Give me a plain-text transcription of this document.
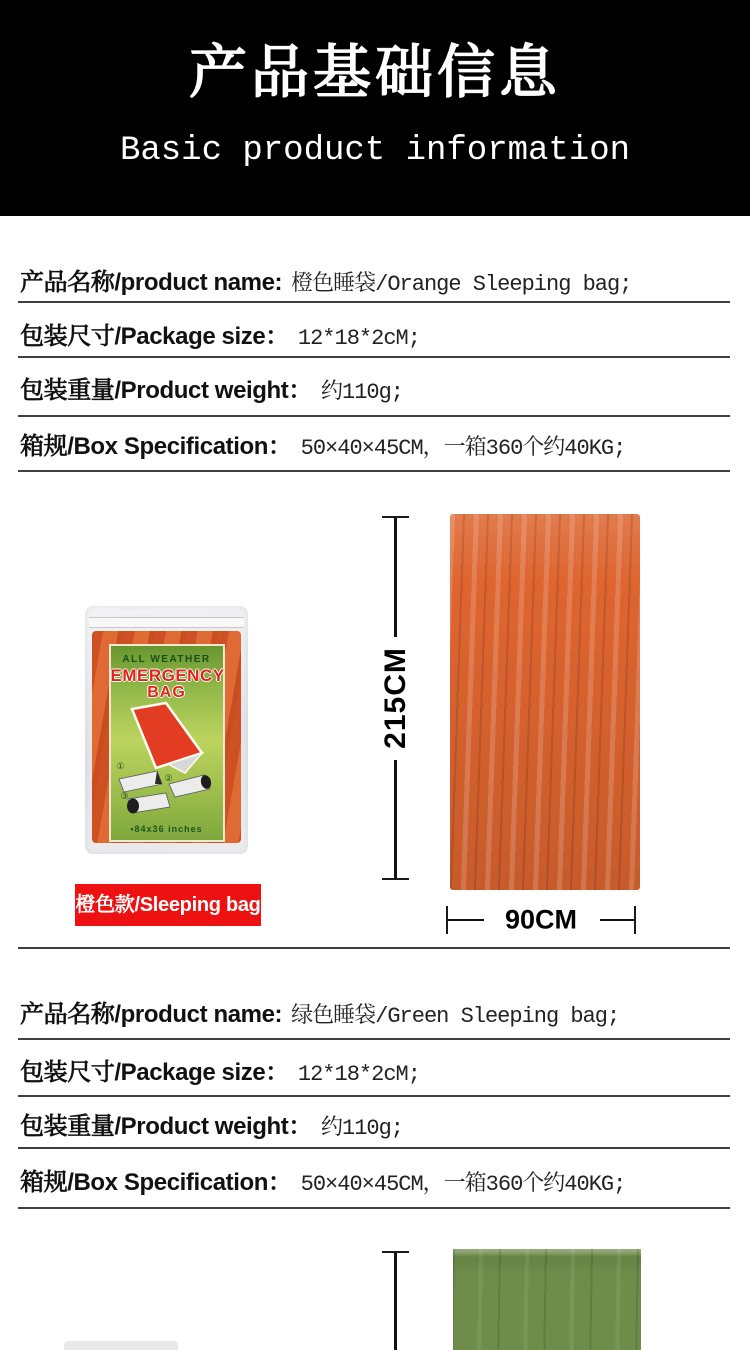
产品基础信息
Basic product information
产品名称/product name: 橙色睡袋/Orange Sleeping bag;
包装尺寸/Package size： 12*18*2cM;
包装重量/Product weight： 约110g;
箱规/Box Specification： 50×40×45CM，一箱360个约40KG;
ALL WEATHER
EMERGENCY
BAG
①
②
③
•84x36 inches
橙色款/Sleeping bag
215CM
90CM
产品名称/product name: 绿色睡袋/Green Sleeping bag;
包装尺寸/Package size： 12*18*2cM;
包装重量/Product weight： 约110g;
箱规/Box Specification： 50×40×45CM，一箱360个约40KG;
